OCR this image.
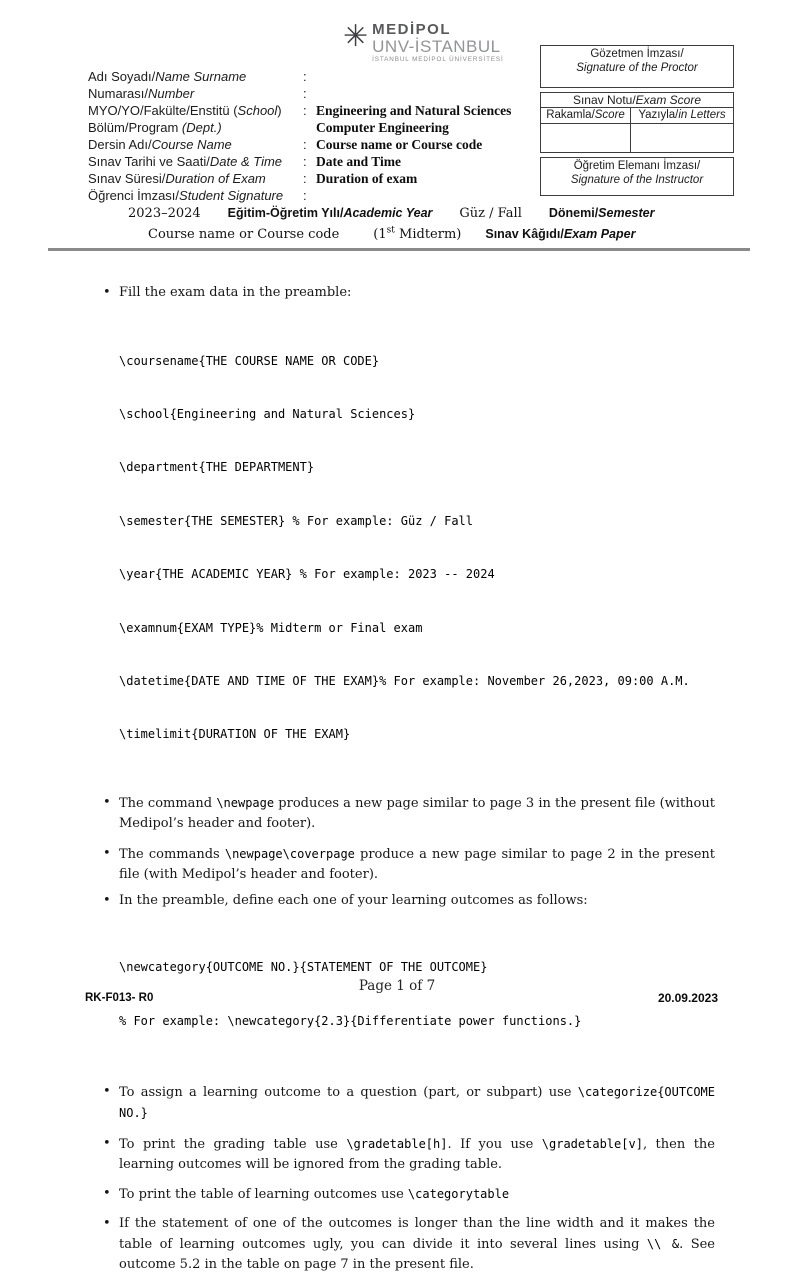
✳ MEDİPOL
UNV-İSTANBUL
İSTANBUL MEDİPOL ÜNİVERSİTESİ
Adı Soyadı/Name Surname	:
Numarası/Number	:
MYO/YO/Fakülte/Enstitü (School)	: Engineering and Natural Sciences
Bölüm/Program (Dept.)	Computer Engineering
Dersin Adı/Course Name	: Course name or Course code
Sınav Tarihi ve Saati/Date & Time	: Date and Time
Sınav Süresi/Duration of Exam	: Duration of exam
Öğrenci İmzası/Student Signature	:
Gözetmen İmzası/
Signature of the Proctor
Sınav Notu/Exam Score
Rakamla/Score	Yazıyla/in Letters
Öğretim Elemanı İmzası/
Signature of the Instructor
2023–2024 Eğitim-Öğretim Yılı/Academic Year Güz / Fall Dönemi/Semester
Course name or Course code	(1st Midterm) Sınav Kâğıdı/Exam Paper
• Fill the exam data in the preamble:

\coursename{THE COURSE NAME OR CODE}

\school{Engineering and Natural Sciences}

\department{THE DEPARTMENT}

\semester{THE SEMESTER} % For example: Güz / Fall

\year{THE ACADEMIC YEAR} % For example: 2023 -- 2024

\examnum{EXAM TYPE}% Midterm or Final exam

\datetime{DATE AND TIME OF THE EXAM}% For example: November 26,2023, 09:00 A.M.

\timelimit{DURATION OF THE EXAM}

• The command \newpage produces a new page similar to page 3 in the present file (without Medipol’s header and footer).
• The commands \newpage\coverpage produce a new page similar to page 2 in the present file (with Medipol’s header and footer).
• In the preamble, define each one of your learning outcomes as follows:

\newcategory{OUTCOME NO.}{STATEMENT OF THE OUTCOME}

% For example: \newcategory{2.3}{Differentiate power functions.}

• To assign a learning outcome to a question (part, or subpart) use \categorize{OUTCOME NO.}
• To print the grading table use \gradetable[h]. If you use \gradetable[v], then the learning outcomes will be ignored from the grading table.
• To print the table of learning outcomes use \categorytable
• If the statement of one of the outcomes is longer than the line width and it makes the table of learning outcomes ugly, you can divide it into several lines using \\ &. See outcome 5.2 in the table on page 7 in the present file.
Page 1 of 7
RK-F013- R0	20.09.2023
